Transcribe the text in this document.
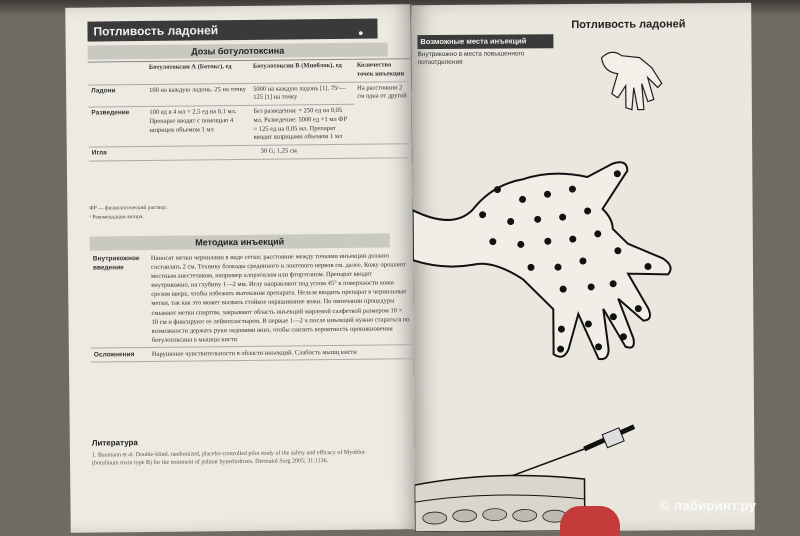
Потливость ладоней	●
Дозы ботулотоксина
	Ботулотоксин А (Ботокс), ед	Ботулотоксин В (Миоблок), ед	Количество точек инъекции
Ладони	100 на каждую ладонь. 25 на точку	5000 на каждую ладонь [1]. 75ᵃ—125 [1] на точку	На расстоянии 2 см одна от другой
Разведение	100 ед в 4 мл = 2,5 ед на 0,1 мл. Препарат вводят с помощью 4 шприцев объемом 1 мл	Без разведения: = 250 ед на 0,05 мл. Разведение: 5000 ед +1 мл ФР = 125 ед на 0,05 мл. Препарат вводят шприцами объемом 1 мл	
Игла	30 G; 1,25 см		
ФР — физиологический раствор.
ᵃ Рекомендации автора.
Методика инъекций
Внутрикожное введение	Наносят метки чернилами в виде сетки; расстояние между точками инъекции должно составлять 2 см. Технику блокады срединного и локтевого нервов см. далее. Кожу орошают местным анестетиком, например хлорэтилом или фторэтаном. Препарат вводят внутрикожно, на глубину 1—2 мм. Иглу направляют под углом 45° к поверхности кожи срезом вверх, чтобы избежать вытекания препарата. Нельзя вводить препарат в чернильные метки, так как это может вызвать стойкое окрашивание кожи. По окончании процедуры смывают метки спиртом, закрывают область инъекций марлевой салфеткой размером 10 × 10 см и фиксируют ее лейкопластырем. В первые 1—2 ч после инъекций нужно стараться по возможности держать руки ладонями вниз, чтобы снизить вероятность проникновения ботулотоксина в мышцы кисти
Осложнения	Нарушение чувствительности в области инъекций. Слабость мышц кисти
Литература
1. Baumann et al. Double-blind, randomized, placebo-controlled pilot study of the safety and efficacy of Myobloc (botulinum toxin type B) for the treatment of palmar hyperhidrosis. Dermatol Surg 2005; 31:1136.
Возможные места инъекций
Потливость ладоней
Внутрикожно в места повышенного потоотделения
© лабиринт.ру
